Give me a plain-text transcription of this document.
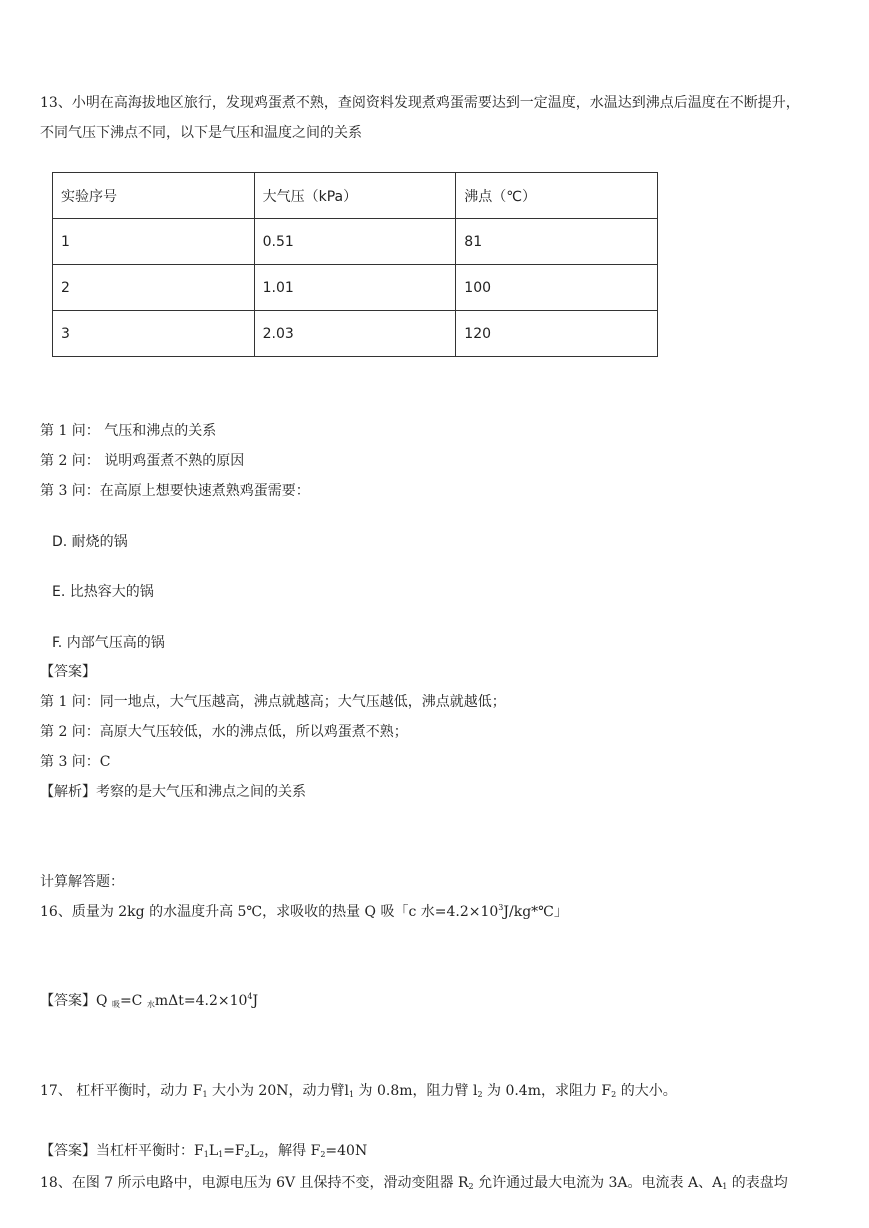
13、小明在高海拔地区旅行，发现鸡蛋煮不熟，查阅资料发现煮鸡蛋需要达到一定温度，水温达到沸点后温度在不断提升，
不同气压下沸点不同，以下是气压和温度之间的关系
实验序号	大气压（kPa）	沸点（℃）
1	0.51	81
2	1.01	100
3	2.03	120
第 1 问： 气压和沸点的关系
第 2 问： 说明鸡蛋煮不熟的原因
第 3 问：在高原上想要快速煮熟鸡蛋需要：
D. 耐烧的锅
E. 比热容大的锅
F. 内部气压高的锅
【答案】
第 1 问：同一地点，大气压越高，沸点就越高；大气压越低，沸点就越低；
第 2 问：高原大气压较低，水的沸点低，所以鸡蛋煮不熟；
第 3 问：C
【解析】考察的是大气压和沸点之间的关系
计算解答题：
16、质量为 2kg 的水温度升高 5℃，求吸收的热量 Q 吸「c 水$=4.2\times 10^3J/kg*℃$」
【答案】Q $_吸$=C $_水m\Delta t=4.2\times 10^4J$
17、 杠杆平衡时，动力 $F_1$ 大小为 20N，动力臂$l_1$ 为 0.8m，阻力臂 $l_2$ 为 0.4m，求阻力 $F_2$ 的大小。
【答案】当杠杆平衡时：$F_1L_1=F_2L_2$，解得 $F_2=40N$
18、在图 7 所示电路中，电源电压为 6V 且保持不变，滑动变阻器 $R_2$ 允许通过最大电流为 3A。电流表 A、$A_1$ 的表盘均
